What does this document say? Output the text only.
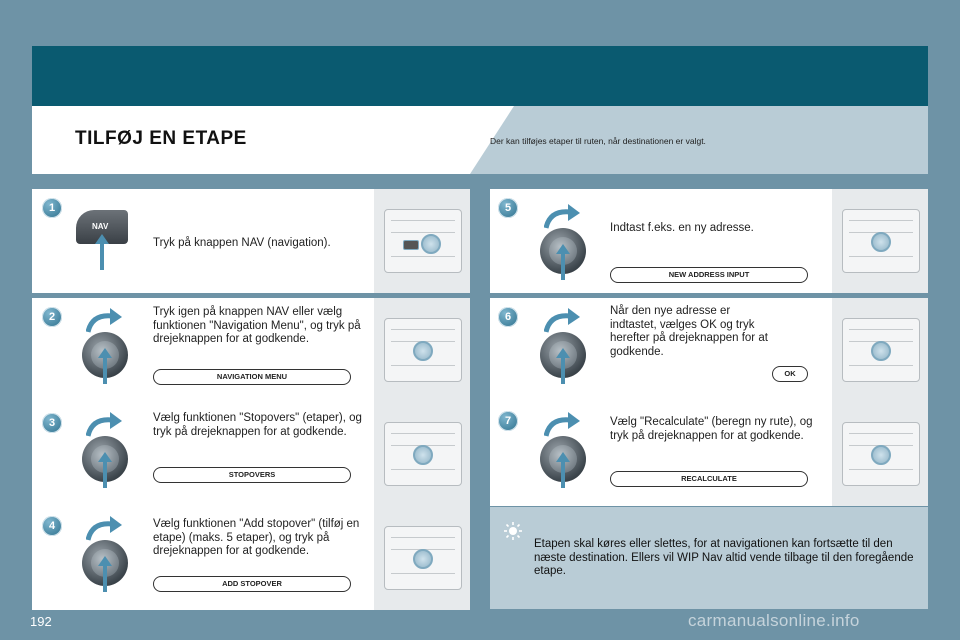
TILFØJ EN ETAPE	Der kan tilføjes etaper til ruten, når destinationen er valgt.
1
NAV
Tryk på knappen NAV (navigation).
2	Tryk igen på knappen NAV eller vælg funktionen "Navigation Menu", og tryk på drejeknappen for at godkende.
NAVIGATION MENU
3	Vælg funktionen "Stopovers" (etaper), og tryk på drejeknappen for at godkende.
STOPOVERS
4	Vælg funktionen "Add stopover" (tilføj en etape) (maks. 5 etaper), og tryk på drejeknappen for at godkende.
ADD STOPOVER
5
Indtast f.eks. en ny adresse.
NEW ADDRESS INPUT
6	Når den nye adresse er indtastet, vælges OK og tryk herefter på drejeknappen for at godkende.
OK
7	Vælg "Recalculate" (beregn ny rute), og tryk på drejeknappen for at godkende.
RECALCULATE
Etapen skal køres eller slettes, for at navigationen kan fortsætte til den næste destination. Ellers vil WIP Nav altid vende tilbage til den foregående etape.
192	carmanualsonline.info
